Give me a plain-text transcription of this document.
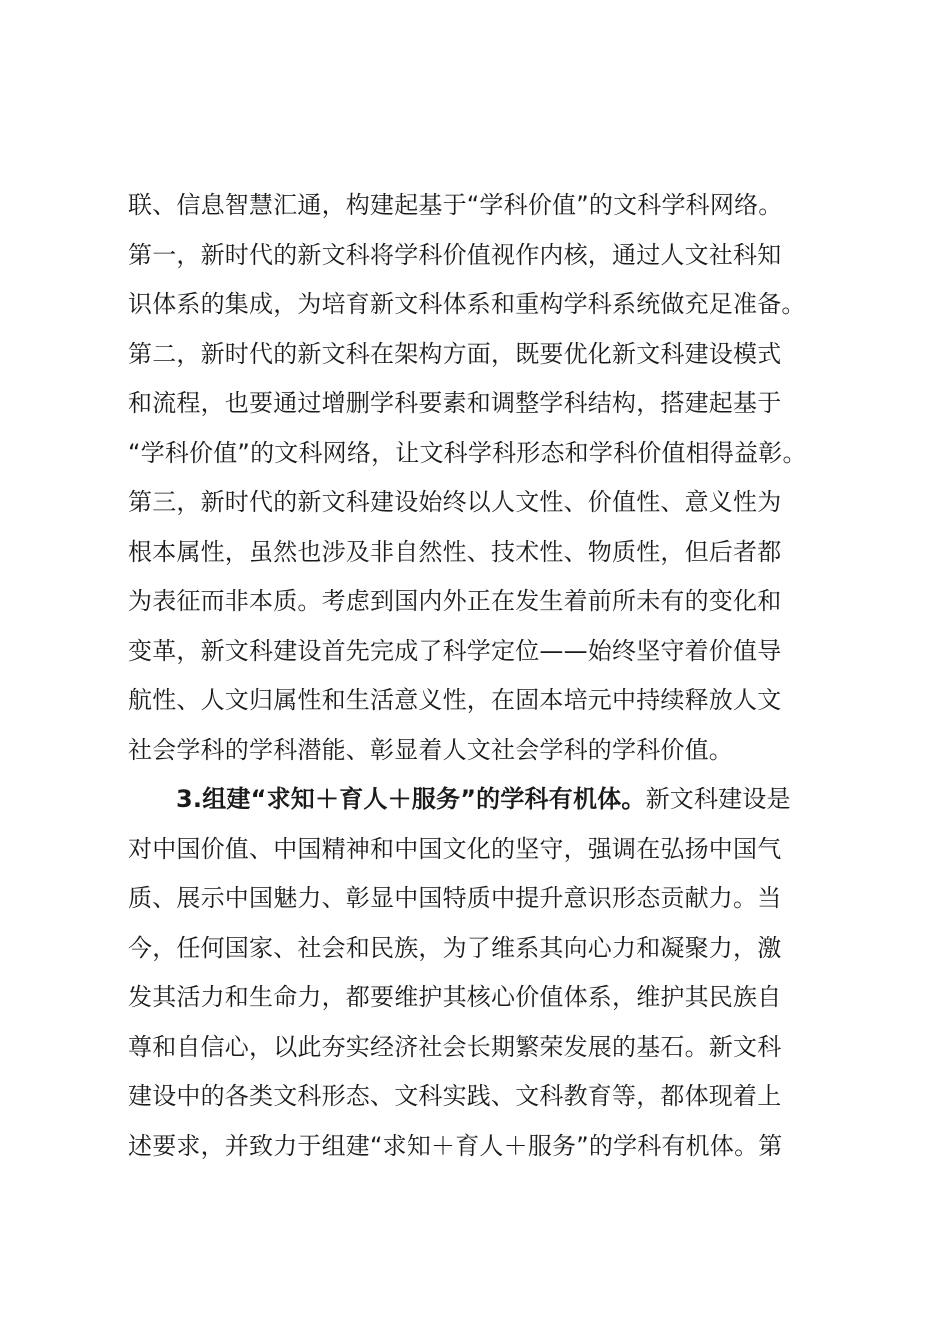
联、信息智慧汇通，构建起基于“学科价值”的文科学科网络。
第一，新时代的新文科将学科价值视作内核，通过人文社科知
识体系的集成，为培育新文科体系和重构学科系统做充足准备。
第二，新时代的新文科在架构方面，既要优化新文科建设模式
和流程，也要通过增删学科要素和调整学科结构，搭建起基于
“学科价值”的文科网络，让文科学科形态和学科价值相得益彰。
第三，新时代的新文科建设始终以人文性、价值性、意义性为
根本属性，虽然也涉及非自然性、技术性、物质性，但后者都
为表征而非本质。考虑到国内外正在发生着前所未有的变化和
变革，新文科建设首先完成了科学定位——始终坚守着价值导
航性、人文归属性和生活意义性，在固本培元中持续释放人文
社会学科的学科潜能、彰显着人文社会学科的学科价值。
3.组建“求知＋育人＋服务”的学科有机体。新文科建设是
对中国价值、中国精神和中国文化的坚守，强调在弘扬中国气
质、展示中国魅力、彰显中国特质中提升意识形态贡献力。当
今，任何国家、社会和民族，为了维系其向心力和凝聚力，激
发其活力和生命力，都要维护其核心价值体系，维护其民族自
尊和自信心，以此夯实经济社会长期繁荣发展的基石。新文科
建设中的各类文科形态、文科实践、文科教育等，都体现着上
述要求，并致力于组建“求知＋育人＋服务”的学科有机体。第
